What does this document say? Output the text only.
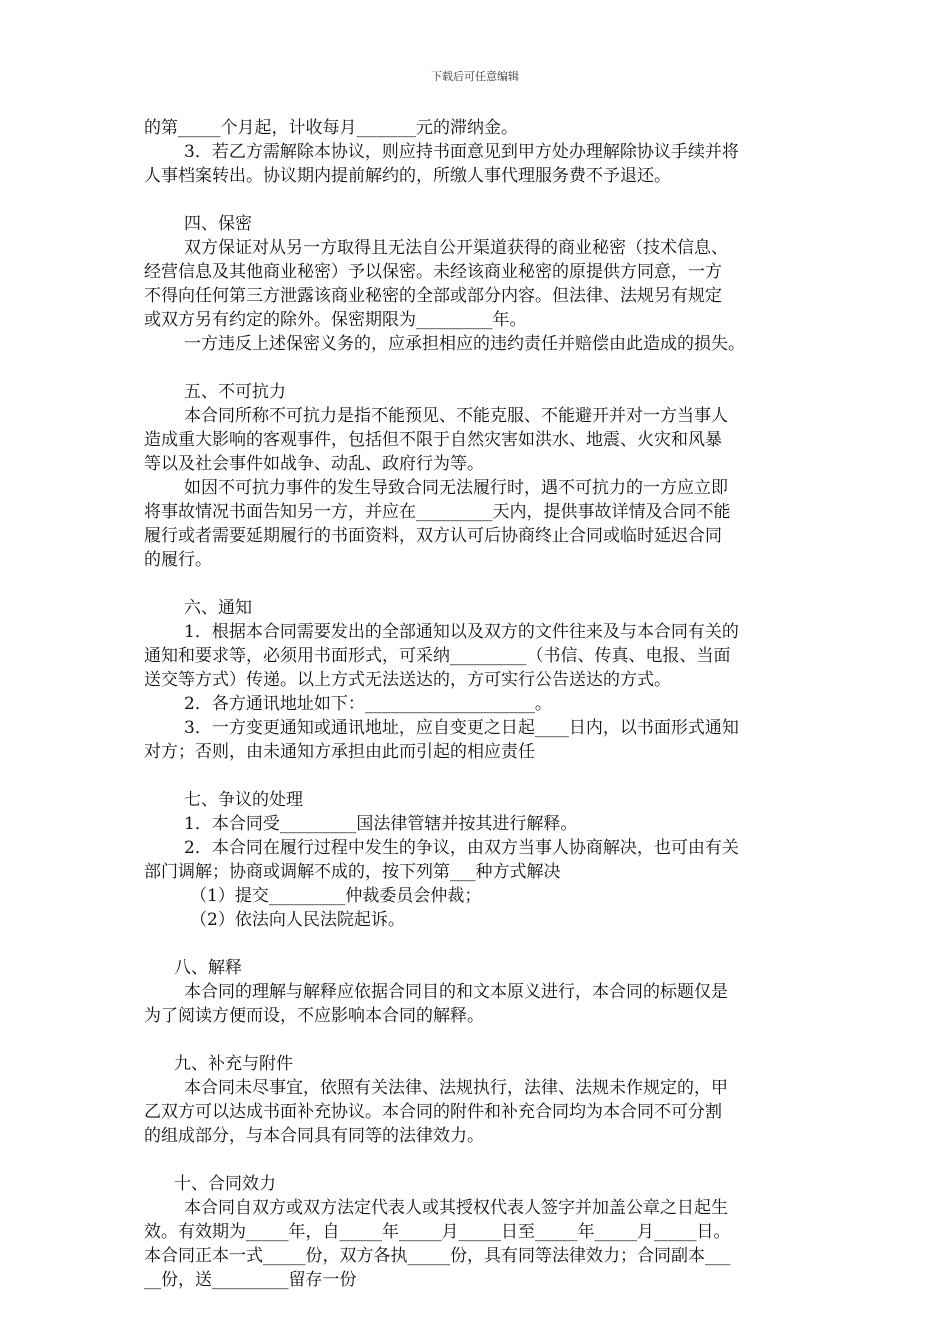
下载后可任意编辑
的第_____个月起，计收每月_______元的滞纳金。
3．若乙方需解除本协议，则应持书面意见到甲方处办理解除协议手续并将
人事档案转出。协议期内提前解约的，所缴人事代理服务费不予退还。
四、保密
双方保证对从另一方取得且无法自公开渠道获得的商业秘密（技术信息、
经营信息及其他商业秘密）予以保密。未经该商业秘密的原提供方同意，一方
不得向任何第三方泄露该商业秘密的全部或部分内容。但法律、法规另有规定
或双方另有约定的除外。保密期限为_________年。
一方违反上述保密义务的，应承担相应的违约责任并赔偿由此造成的损失。
五、不可抗力
本合同所称不可抗力是指不能预见、不能克服、不能避开并对一方当事人
造成重大影响的客观事件，包括但不限于自然灾害如洪水、地震、火灾和风暴
等以及社会事件如战争、动乱、政府行为等。
如因不可抗力事件的发生导致合同无法履行时，遇不可抗力的一方应立即
将事故情况书面告知另一方，并应在_________天内，提供事故详情及合同不能
履行或者需要延期履行的书面资料，双方认可后协商终止合同或临时延迟合同
的履行。
六、通知
1．根据本合同需要发出的全部通知以及双方的文件往来及与本合同有关的
通知和要求等，必须用书面形式，可采纳_________（书信、传真、电报、当面
送交等方式）传递。以上方式无法送达的，方可实行公告送达的方式。
2．各方通讯地址如下：____________________。
3．一方变更通知或通讯地址，应自变更之日起____日内，以书面形式通知
对方；否则，由未通知方承担由此而引起的相应责任
七、争议的处理
1．本合同受_________国法律管辖并按其进行解释。
2．本合同在履行过程中发生的争议，由双方当事人协商解决，也可由有关
部门调解；协商或调解不成的，按下列第___种方式解决
（1）提交_________仲裁委员会仲裁；
（2）依法向人民法院起诉。
八、解释
本合同的理解与解释应依据合同目的和文本原义进行，本合同的标题仅是
为了阅读方便而设，不应影响本合同的解释。
九、补充与附件
本合同未尽事宜，依照有关法律、法规执行，法律、法规未作规定的，甲
乙双方可以达成书面补充协议。本合同的附件和补充合同均为本合同不可分割
的组成部分，与本合同具有同等的法律效力。
十、合同效力
本合同自双方或双方法定代表人或其授权代表人签字并加盖公章之日起生
效。有效期为_____年，自_____年_____月_____日至_____年_____月_____日。
本合同正本一式_____份，双方各执_____份，具有同等法律效力；合同副本___
__份，送_________留存一份
